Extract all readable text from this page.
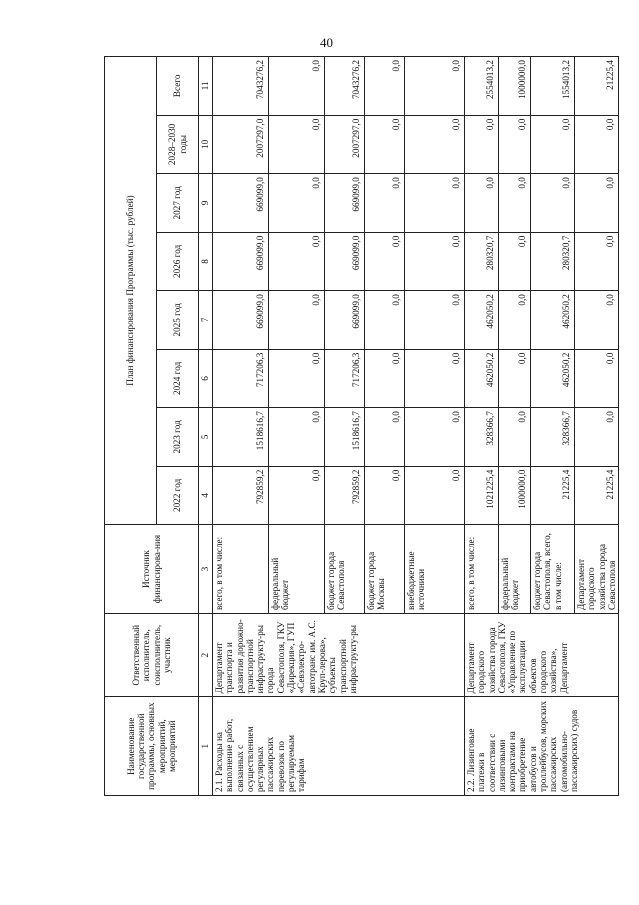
40
Наименование государственной программы, основных мероприятий, мероприятий	Ответственный исполнитель, соисполнитель, участник	Источник финансирова-ния	План финансирования Программы (тыс. рублей)							
			2022 год	2023 год	2024 год	2025 год	2026 год	2027 год	2028–2030 годы	Всего
1	2	3	4	5	6	7	8	9	10	11
2.1. Расходы на выполнение работ, связанных с осуществлением регулярных пассажирских перевозок по регулируемым тарифам	Департамент транспорта и развития дорожно-транспортной инфраструкту-ры города Севастополя, ГКУ «Дирекция», ГУП «Севэлектро-автотранс им. А.С. Круп-лерова», субъекты транспортной инфраструкту-ры	всего, в том числе:	792859,2	1518616,7	717206,3	669099,0	669099,0	669099,0	2007297,0	7043276,2
		федеральный бюджет	0,0	0,0	0,0	0,0	0,0	0,0	0,0	0,0
		бюджет города Севастополя	792859,2	1518616,7	717206,3	669099,0	669099,0	669099,0	2007297,0	7043276,2
		бюджет города Москвы	0,0	0,0	0,0	0,0	0,0	0,0	0,0	0,0
		внебюджетные источники	0,0	0,0	0,0	0,0	0,0	0,0	0,0	0,0
2.2. Лизинговые платежи в соответствии с лизинговыми контрактами на приобретение автобусов и троллейбусов, морских пассажирских (автомобильно-пассажирских) судов	Департамент городского хозяйства города Севастополя, ГКУ «Управление по эксплуатации объектов городского хозяйства», Департамент	всего, в том числе:	1021225,4	328366,7	462050,2	462050,2	280320,7	0,0	0,0	2554013,2
		федеральный бюджет	1000000,0	0,0	0,0	0,0	0,0	0,0	0,0	1000000,0
		бюджет города Севастополя, всего, в том числе:	21225,4	328366,7	462050,2	462050,2	280320,7	0,0	0,0	1554013,2
		Департамент городского хозяйства города Севастополя	21225,4	0,0	0,0	0,0	0,0	0,0	0,0	21225,4
